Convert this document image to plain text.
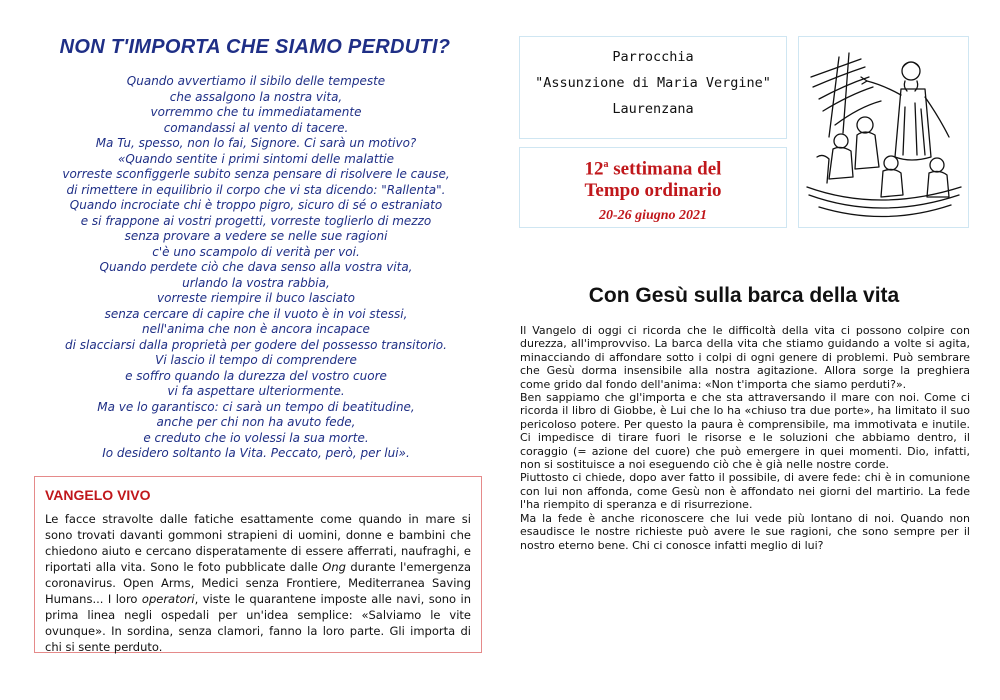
NON T'IMPORTA CHE SIAMO PERDUTI?
Quando avvertiamo il sibilo delle tempeste
che assalgono la nostra vita,
vorremmo che tu immediatamente
comandassi al vento di tacere.
Ma Tu, spesso, non lo fai, Signore. Ci sarà un motivo?
«Quando sentite i primi sintomi delle malattie
vorreste sconfiggerle subito senza pensare di risolvere le cause,
di rimettere in equilibrio il corpo che vi sta dicendo: "Rallenta".
Quando incrociate chi è troppo pigro, sicuro di sé o estraniato
e si frappone ai vostri progetti, vorreste toglierlo di mezzo
senza provare a vedere se nelle sue ragioni
c'è uno scampolo di verità per voi.
Quando perdete ciò che dava senso alla vostra vita,
urlando la vostra rabbia,
vorreste riempire il buco lasciato
senza cercare di capire che il vuoto è in voi stessi,
nell'anima che non è ancora incapace
di slacciarsi dalla proprietà per godere del possesso transitorio.
Vi lascio il tempo di comprendere
e soffro quando la durezza del vostro cuore
vi fa aspettare ulteriormente.
Ma ve lo garantisco: ci sarà un tempo di beatitudine,
anche per chi non ha avuto fede,
e creduto che io volessi la sua morte.
Io desidero soltanto la Vita. Peccato, però, per lui».
VANGELO VIVO
Le facce stravolte dalle fatiche esattamente come quando in mare si sono trovati davanti gommoni strapieni di uomini, donne e bambini che chiedono aiuto e cercano disperatamente di essere afferrati, naufraghi, e riportati alla vita. Sono le foto pubblicate dalle Ong durante l'emergenza coronavirus. Open Arms, Medici senza Frontiere, Mediterranea Saving Humans... I loro operatori, viste le quarantene imposte alle navi, sono in prima linea negli ospedali per un'idea semplice: «Salviamo le vite ovunque». In sordina, senza clamori, fanno la loro parte. Gli importa di chi si sente perduto.
Parrocchia
"Assunzione di Maria Vergine"
Laurenzana
12$^a$ settimana del
Tempo ordinario
20-26 giugno 2021
Con Gesù sulla barca della vita

Il Vangelo di oggi ci ricorda che le difficoltà della vita ci possono colpire con durezza, all'improvviso. La barca della vita che stiamo guidando a volte si agita, minacciando di affondare sotto i colpi di ogni genere di problemi. Può sembrare che Gesù dorma insensibile alla nostra agitazione. Allora sorge la preghiera come grido dal fondo dell'anima: «Non t'importa che siamo perduti?».

Ben sappiamo che gl'importa e che sta attraversando il mare con noi. Come ci ricorda il libro di Giobbe, è Lui che lo ha «chiuso tra due porte», ha limitato il suo pericoloso potere. Per questo la paura è comprensibile, ma immotivata e inutile. Ci impedisce di tirare fuori le risorse e le soluzioni che abbiamo dentro, il coraggio (= azione del cuore) che può emergere in quei momenti. Dio, infatti, non si sostituisce a noi eseguendo ciò che è già nelle nostre corde.

Piuttosto ci chiede, dopo aver fatto il possibile, di avere fede: chi è in comunione con lui non affonda, come Gesù non è affondato nei giorni del martirio. La fede l'ha riempito di speranza e di risurrezione.

Ma la fede è anche riconoscere che lui vede più lontano di noi. Quando non esaudisce le nostre richieste può avere le sue ragioni, che sono sempre per il nostro eterno bene. Chi ci conosce infatti meglio di lui?
